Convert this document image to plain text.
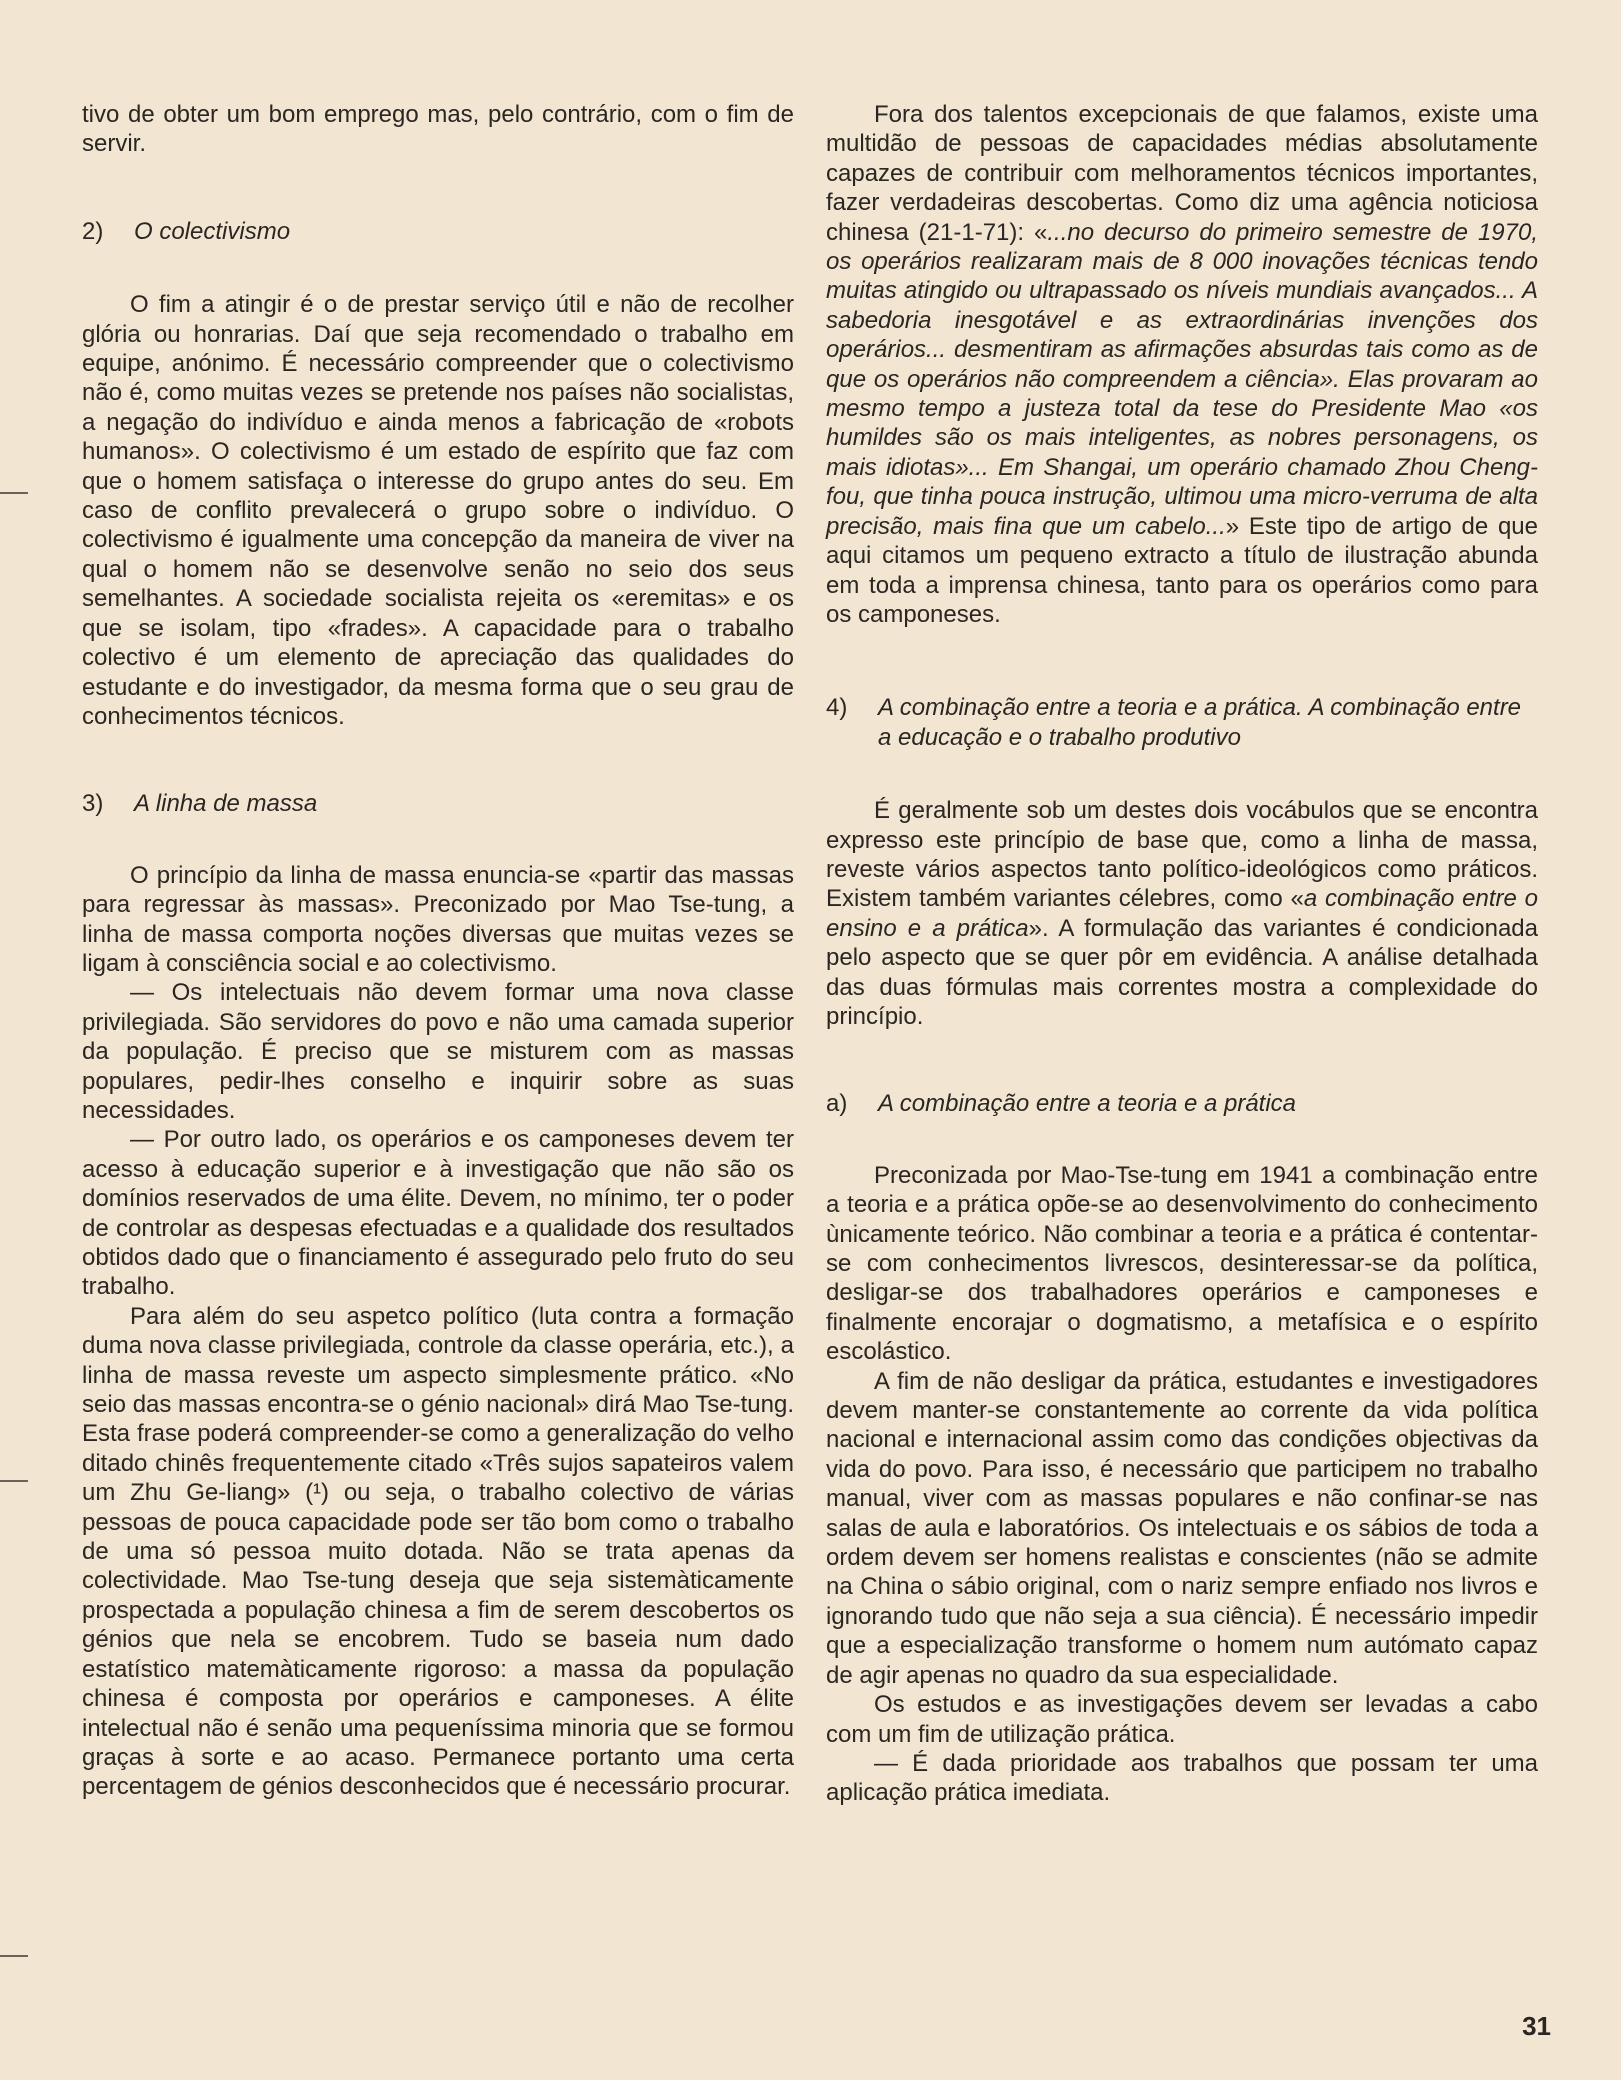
tivo de obter um bom emprego mas, pelo contrário, com o fim de servir.

2)	O colectivismo

O fim a atingir é o de prestar serviço útil e não de recolher glória ou honrarias. Daí que seja recomendado o trabalho em equipe, anónimo. É necessário compreender que o colectivismo não é, como muitas vezes se pretende nos países não socialistas, a negação do indivíduo e ainda menos a fabricação de «robots humanos». O colectivismo é um estado de espírito que faz com que o homem satisfaça o interesse do grupo antes do seu. Em caso de conflito prevalecerá o grupo sobre o indivíduo. O colectivismo é igualmente uma concepção da maneira de viver na qual o homem não se desenvolve senão no seio dos seus semelhantes. A sociedade socialista rejeita os «eremitas» e os que se isolam, tipo «frades». A capacidade para o trabalho colectivo é um elemento de apreciação das qualidades do estudante e do investigador, da mesma forma que o seu grau de conhecimentos técnicos.

3)	A linha de massa

O princípio da linha de massa enuncia-se «partir das massas para regressar às massas». Preconizado por Mao Tse-tung, a linha de massa comporta noções diversas que muitas vezes se ligam à consciência social e ao colectivismo.

— Os intelectuais não devem formar uma nova classe privilegiada. São servidores do povo e não uma camada superior da população. É preciso que se misturem com as massas populares, pedir-lhes conselho e inquirir sobre as suas necessidades.

— Por outro lado, os operários e os camponeses devem ter acesso à educação superior e à investigação que não são os domínios reservados de uma élite. Devem, no mínimo, ter o poder de controlar as despesas efectuadas e a qualidade dos resultados obtidos dado que o financiamento é assegurado pelo fruto do seu trabalho.

Para além do seu aspetco político (luta contra a formação duma nova classe privilegiada, controle da classe operária, etc.), a linha de massa reveste um aspecto simplesmente prático. «No seio das massas encontra-se o génio nacional» dirá Mao Tse-tung. Esta frase poderá compreender-se como a generalização do velho ditado chinês frequentemente citado «Três sujos sapateiros valem um Zhu Ge-liang» (¹) ou seja, o trabalho colectivo de várias pessoas de pouca capacidade pode ser tão bom como o trabalho de uma só pessoa muito dotada. Não se trata apenas da colectividade. Mao Tse-tung deseja que seja sistemàticamente prospectada a população chinesa a fim de serem descobertos os génios que nela se encobrem. Tudo se baseia num dado estatístico matemàticamente rigoroso: a massa da população chinesa é composta por operários e camponeses. A élite intelectual não é senão uma pequeníssima minoria que se formou graças à sorte e ao acaso. Permanece portanto uma certa percentagem de génios desconhecidos que é necessário procurar.

Fora dos talentos excepcionais de que falamos, existe uma multidão de pessoas de capacidades médias absolutamente capazes de contribuir com melhoramentos técnicos importantes, fazer verdadeiras descobertas. Como diz uma agência noticiosa chinesa (21-1-71): «...no decurso do primeiro semestre de 1970, os operários realizaram mais de 8 000 inovações técnicas tendo muitas atingido ou ultrapassado os níveis mundiais avançados... A sabedoria inesgotável e as extraordinárias invenções dos operários... desmentiram as afirmações absurdas tais como as de que os operários não compreendem a ciência». Elas provaram ao mesmo tempo a justeza total da tese do Presidente Mao «os humildes são os mais inteligentes, as nobres personagens, os mais idiotas»... Em Shangai, um operário chamado Zhou Cheng-fou, que tinha pouca instrução, ultimou uma micro-verruma de alta precisão, mais fina que um cabelo...» Este tipo de artigo de que aqui citamos um pequeno extracto a título de ilustração abunda em toda a imprensa chinesa, tanto para os operários como para os camponeses.

4)	A combinação entre a teoria e a prática. A combinação entre a educação e o trabalho produtivo

É geralmente sob um destes dois vocábulos que se encontra expresso este princípio de base que, como a linha de massa, reveste vários aspectos tanto político-ideológicos como práticos. Existem também variantes célebres, como «a combinação entre o ensino e a prática». A formulação das variantes é condicionada pelo aspecto que se quer pôr em evidência. A análise detalhada das duas fórmulas mais correntes mostra a complexidade do princípio.

a)	A combinação entre a teoria e a prática

Preconizada por Mao-Tse-tung em 1941 a combinação entre a teoria e a prática opõe-se ao desenvolvimento do conhecimento ùnicamente teórico. Não combinar a teoria e a prática é contentar-se com conhecimentos livrescos, desinteressar-se da política, desligar-se dos trabalhadores operários e camponeses e finalmente encorajar o dogmatismo, a metafísica e o espírito escolástico.

A fim de não desligar da prática, estudantes e investigadores devem manter-se constantemente ao corrente da vida política nacional e internacional assim como das condições objectivas da vida do povo. Para isso, é necessário que participem no trabalho manual, viver com as massas populares e não confinar-se nas salas de aula e laboratórios. Os intelectuais e os sábios de toda a ordem devem ser homens realistas e conscientes (não se admite na China o sábio original, com o nariz sempre enfiado nos livros e ignorando tudo que não seja a sua ciência). É necessário impedir que a especialização transforme o homem num autómato capaz de agir apenas no quadro da sua especialidade.

Os estudos e as investigações devem ser levadas a cabo com um fim de utilização prática.

— É dada prioridade aos trabalhos que possam ter uma aplicação prática imediata.

31
